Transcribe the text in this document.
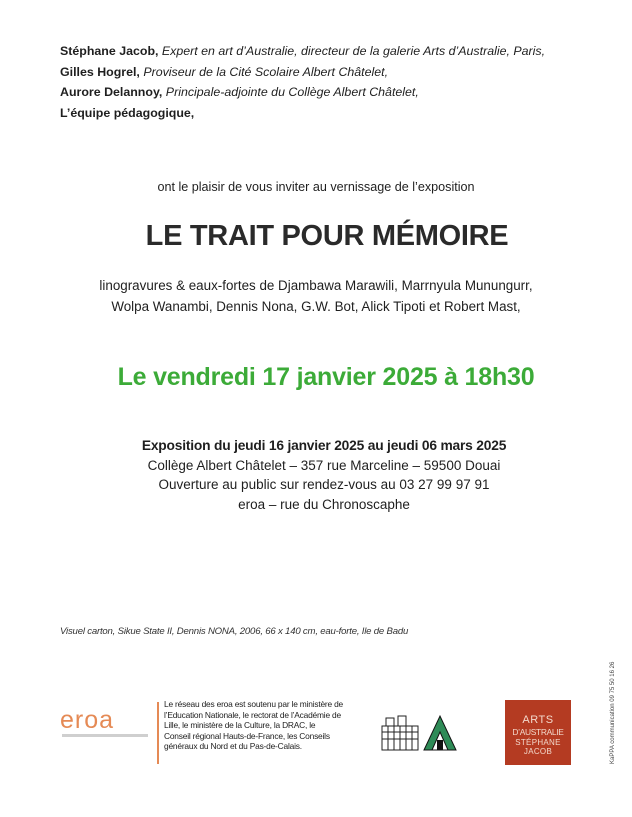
Stéphane Jacob, Expert en art d’Australie, directeur de la galerie Arts d’Australie, Paris,
Gilles Hogrel, Proviseur de la Cité Scolaire Albert Châtelet,
Aurore Delannoy, Principale-adjointe du Collège Albert Châtelet,
L’équipe pédagogique,
ont le plaisir de vous inviter au vernissage de l’exposition
LE TRAIT POUR MÉMOIRE
linogravures & eaux-fortes de Djambawa Marawili, Marrnyula Munungurr,
Wolpa Wanambi, Dennis Nona, G.W. Bot, Alick Tipoti et Robert Mast,
Le vendredi 17 janvier 2025 à 18h30
Exposition du jeudi 16 janvier 2025 au jeudi 06 mars 2025
Collège Albert Châtelet – 357 rue Marceline – 59500 Douai
Ouverture au public sur rendez-vous au 03 27 99 97 91
eroa – rue du Chronoscaphe
Visuel carton, Sikue State II, Dennis NONA, 2006, 66 x 140 cm, eau-forte, Ile de Badu
eroa
Le réseau des eroa est soutenu par le ministère de l’Education Nationale, le rectorat de l’Académie de Lille, le ministère de la Culture, la DRAC, le Conseil régional Hauts-de-France, les Conseils généraux du Nord et du Pas-de-Calais.
ARTS
D’AUSTRALIE
STÉPHANE JACOB	KaPPA communication 09 75 50 16 26
